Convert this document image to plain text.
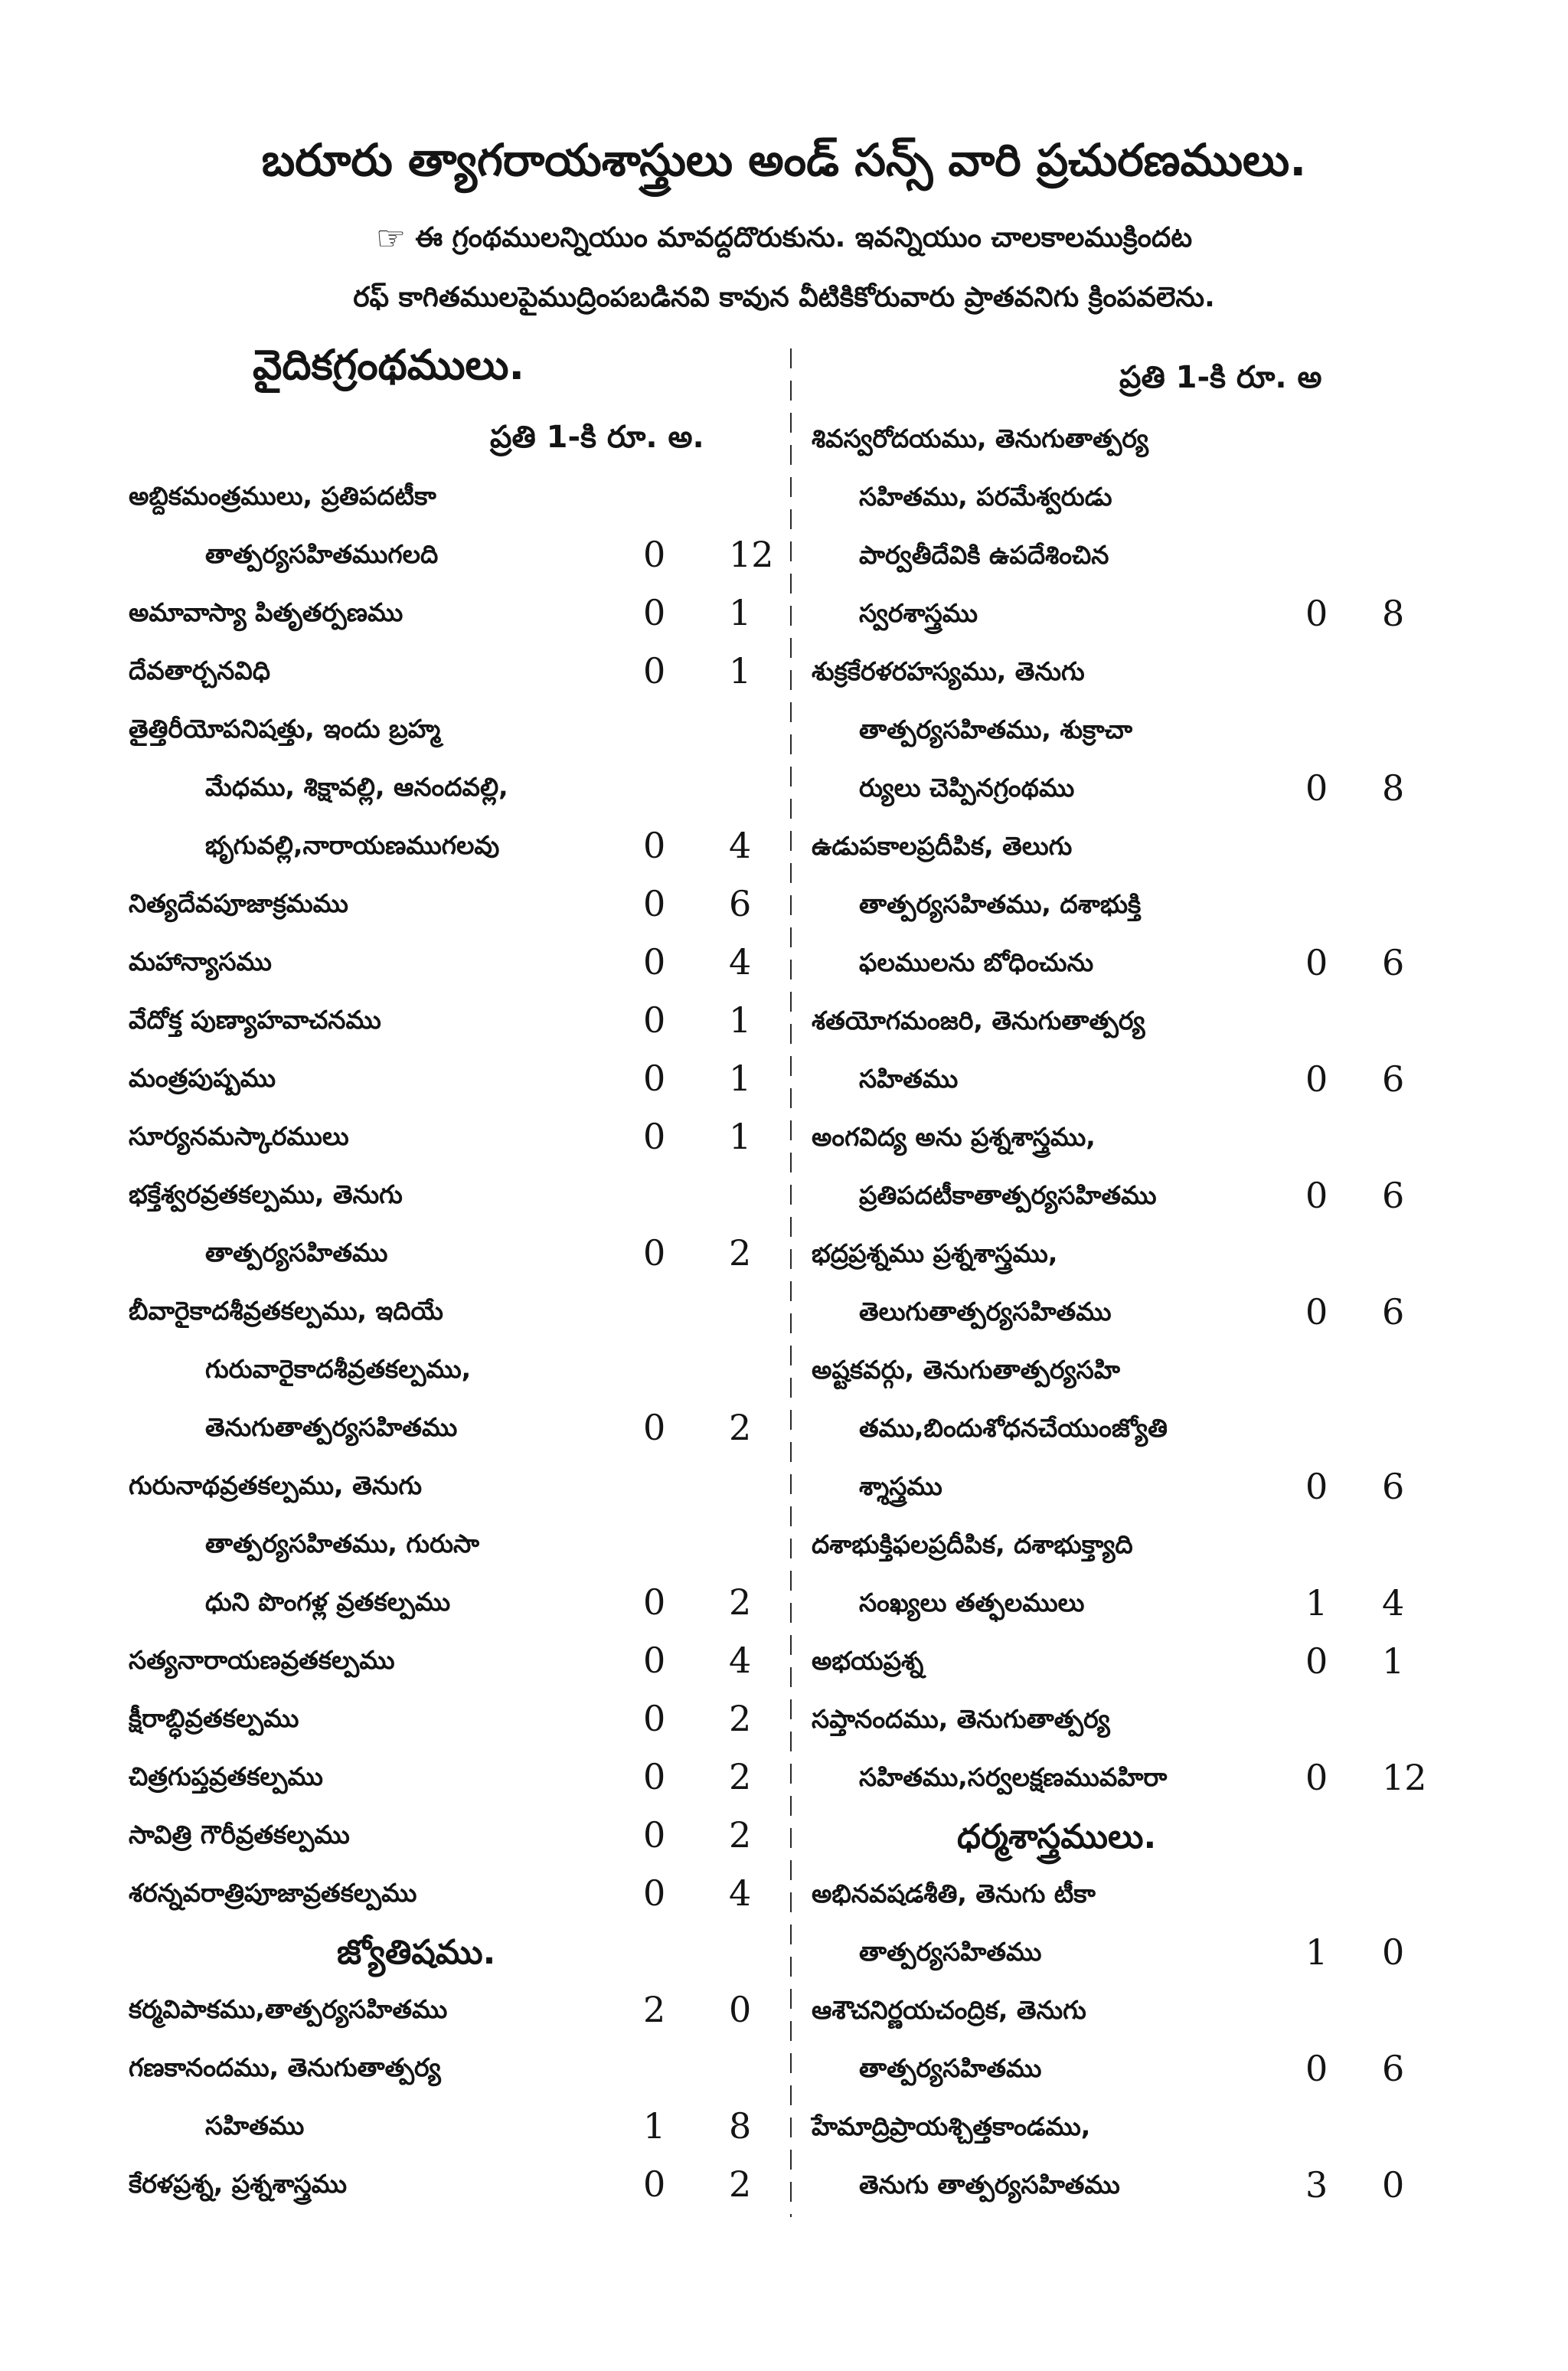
బరూరు త్యాగరాయశాస్త్రులు అండ్ సన్స్ వారి ప్రచురణములు.
☞ ఈ గ్రంథములన్నియుం మావద్దదొరుకును. ఇవన్నియుం చాలకాలముక్రిందట
రఫ్ కాగితములపైముద్రింపబడినవి కావున వీటికికోరువారు ప్రాతవనిగు క్రింపవలెను.
వైదికగ్రంథములు.
ప్రతి 1-కి రూ. అ.
ప్రతి 1-కి రూ. అ
అబ్దికమంత్రములు, ప్రతిపదటీకా
తాత్పర్యసహితముగలది	0 12
అమావాస్యా పితృతర్పణము	0 1
దేవతార్చనవిధి	0 1
తైత్తిరీయోపనిషత్తు, ఇందు బ్రహ్మ
మేధము, శిక్షావల్లి, ఆనందవల్లి,
భృగువల్లి,నారాయణముగలవు	0 4
నిత్యదేవపూజాక్రమము	0 6
మహాన్యాసము	0 4
వేదోక్త పుణ్యాహవాచనము	0 1
మంత్రపుష్పము	0 1
సూర్యనమస్కారములు	0 1
భక్తేశ్వరవ్రతకల్పము, తెనుగు
తాత్పర్యసహితము	0 2
బీవారైకాదశీవ్రతకల్పము, ఇదియే
గురువారైకాదశీవ్రతకల్పము,
తెనుగుతాత్పర్యసహితము	0 2
గురునాథవ్రతకల్పము, తెనుగు
తాత్పర్యసహితము, గురుసా
ధుని పొంగళ్ల వ్రతకల్పము	0 2
సత్యనారాయణవ్రతకల్పము	0 4
క్షీరాబ్ధివ్రతకల్పము	0 2
చిత్రగుప్తవ్రతకల్పము	0 2
సావిత్రి గౌరీవ్రతకల్పము	0 2
శరన్నవరాత్రిపూజావ్రతకల్పము	0 4
జ్యోతిషము.
కర్మవిపాకము,తాత్పర్యసహితము	2 0
గణకానందము, తెనుగుతాత్పర్య
సహితము	1 8
కేరళప్రశ్న, ప్రశ్నశాస్త్రము	0 2
శివస్వరోదయము, తెనుగుతాత్పర్య
సహితము, పరమేశ్వరుడు
పార్వతీదేవికి ఉపదేశించిన
స్వరశాస్త్రము	0 8
శుక్రకేరళరహస్యము, తెనుగు
తాత్పర్యసహితము, శుక్రాచా
ర్యులు చెప్పినగ్రంథము	0 8
ఉడుపకాలప్రదీపిక, తెలుగు
తాత్పర్యసహితము, దశాభుక్తి
ఫలములను బోధించును	0 6
శతయోగమంజరి, తెనుగుతాత్పర్య
సహితము	0 6
అంగవిద్య అను ప్రశ్నశాస్త్రము,
ప్రతిపదటీకాతాత్పర్యసహితము	0 6
భద్రప్రశ్నము ప్రశ్నశాస్త్రము,
తెలుగుతాత్పర్యసహితము	0 6
అష్టకవర్గు, తెనుగుతాత్పర్యసహి
తము,బిందుశోధనచేయుంజ్యోతి
శ్శాస్త్రము	0 6
దశాభుక్తిఫలప్రదీపిక, దశాభుక్త్యాది
సంఖ్యలు తత్ఫలములు	1 4
అభయప్రశ్న	0 1
సప్తానందము, తెనుగుతాత్పర్య
సహితము,సర్వలక్షణమువహిరా	0 12
ధర్మశాస్త్రములు.
అభినవషడశీతి, తెనుగు టీకా
తాత్పర్యసహితము	1 0
ఆశౌచనిర్ణయచంద్రిక, తెనుగు
తాత్పర్యసహితము	0 6
హేమాద్రిప్రాయశ్చిత్తకాండము,
తెనుగు తాత్పర్యసహితము	3 0
